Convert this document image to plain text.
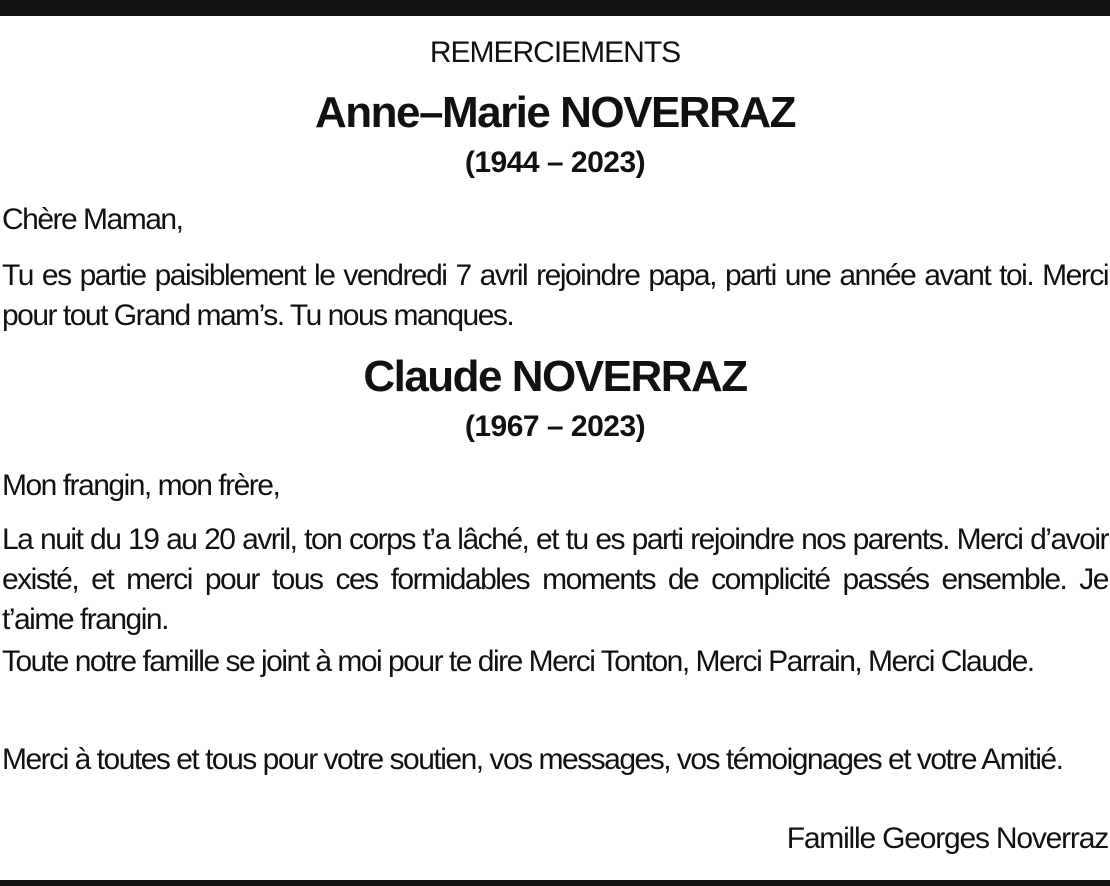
REMERCIEMENTS
Anne–Marie NOVERRAZ
(1944 – 2023)
Chère Maman,
Tu es partie paisiblement le vendredi 7 avril rejoindre papa, parti une année avant toi. Merci pour tout Grand mam’s. Tu nous manques.
Claude NOVERRAZ
(1967 – 2023)
Mon frangin, mon frère,
La nuit du 19 au 20 avril, ton corps t’a lâché, et tu es parti rejoindre nos parents. Merci d’avoir existé, et merci pour tous ces formidables moments de complicité passés ensemble. Je t’aime frangin.
Toute notre famille se joint à moi pour te dire Merci Tonton, Merci Parrain, Merci Claude.
Merci à toutes et tous pour votre soutien, vos messages, vos témoignages et votre Amitié.
Famille Georges Noverraz
